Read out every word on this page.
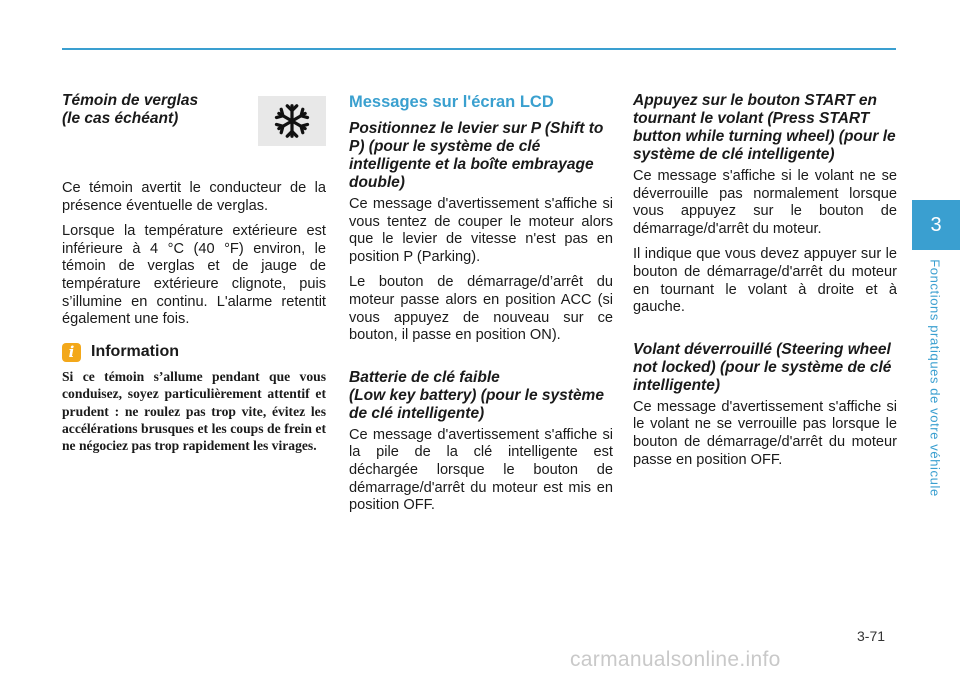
Témoin de verglas
(le cas échéant)

Ce témoin avertit le conducteur de la présence éventuelle de verglas.

Lorsque la température extérieure est inférieure à 4 °C (40 °F) environ, le témoin de verglas et de jauge de température extérieure clignote, puis s’illumine en continu. L'alarme retentit également une fois.

i	Information

Si ce témoin s’allume pendant que vous conduisez, soyez particulièrement attentif et prudent : ne roulez pas trop vite, évitez les accélérations brusques et les coups de frein et ne négociez pas trop rapidement les virages.

Messages sur l'écran LCD

Positionnez le levier sur P (Shift to P) (pour le système de clé intelligente et la boîte embrayage double)

Ce message d'avertissement s'affiche si vous tentez de couper le moteur alors que le levier de vitesse n'est pas en position P (Parking).

Le bouton de démarrage/d’arrêt du moteur passe alors en position ACC (si vous appuyez de nouveau sur ce bouton, il passe en position ON).

Batterie de clé faible
(Low key battery) (pour le système de clé intelligente)

Ce message d'avertissement s'affiche si la pile de la clé intelligente est déchargée lorsque le bouton de démarrage/d'arrêt du moteur est mis en position OFF.

Appuyez sur le bouton START en tournant le volant (Press START button while turning wheel) (pour le système de clé intelligente)

Ce message s'affiche si le volant ne se déverrouille pas normalement lorsque vous appuyez sur le bouton de démarrage/d'arrêt du moteur.

Il indique que vous devez appuyer sur le bouton de démarrage/d'arrêt du moteur en tournant le volant à droite et à gauche.

Volant déverrouillé (Steering wheel not locked) (pour le système de clé intelligente)

Ce message d'avertissement s'affiche si le volant ne se verrouille pas lorsque le bouton de démarrage/d'arrêt du moteur passe en position OFF.

3
Fonctions pratiques de votre véhicule
3-71
carmanualsonline.info
